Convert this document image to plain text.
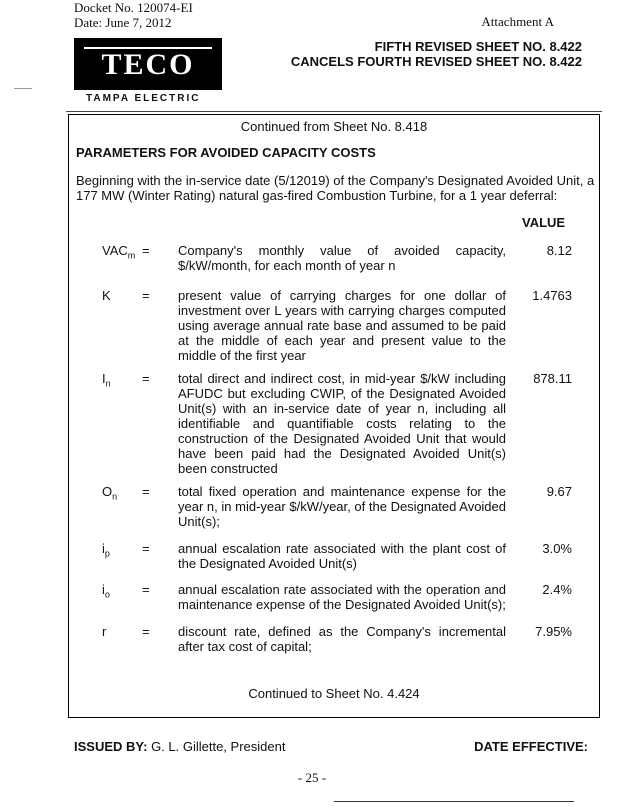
Docket No. 120074-EI
Date: June 7, 2012	Attachment A
TECO
TAMPA ELECTRIC
FIFTH REVISED SHEET NO. 8.422
CANCELS FOURTH REVISED SHEET NO. 8.422
Continued from Sheet No. 8.418
PARAMETERS FOR AVOIDED CAPACITY COSTS
Beginning with the in-service date (5/12019) of the Company's Designated Avoided Unit, a 177 MW (Winter Rating) natural gas-fired Combustion Turbine, for a 1 year deferral:
VALUE
$VAC_m$ = Company's monthly value of avoided capacity, $/kW/month, for each month of year n
8.12
K = present value of carrying charges for one dollar of investment over L years with carrying charges computed using average annual rate base and assumed to be paid at the middle of each year and present value to the middle of the first year
1.4763
$I_n$ = total direct and indirect cost, in mid-year $/kW including AFUDC but excluding CWIP, of the Designated Avoided Unit(s) with an in-service date of year n, including all identifiable and quantifiable costs relating to the construction of the Designated Avoided Unit that would have been paid had the Designated Avoided Unit(s) been constructed
878.11
$O_n$ = total fixed operation and maintenance expense for the year n, in mid-year $/kW/year, of the Designated Avoided Unit(s);
9.67
$i_p$ = annual escalation rate associated with the plant cost of the Designated Avoided Unit(s)
3.0%
$i_o$ = annual escalation rate associated with the operation and maintenance expense of the Designated Avoided Unit(s);
2.4%
r	= discount rate, defined as the Company's incremental after tax cost of capital;
7.95%
Continued to Sheet No. 4.424
ISSUED BY: G. L. Gillette, President	DATE EFFECTIVE:
- 25 -
